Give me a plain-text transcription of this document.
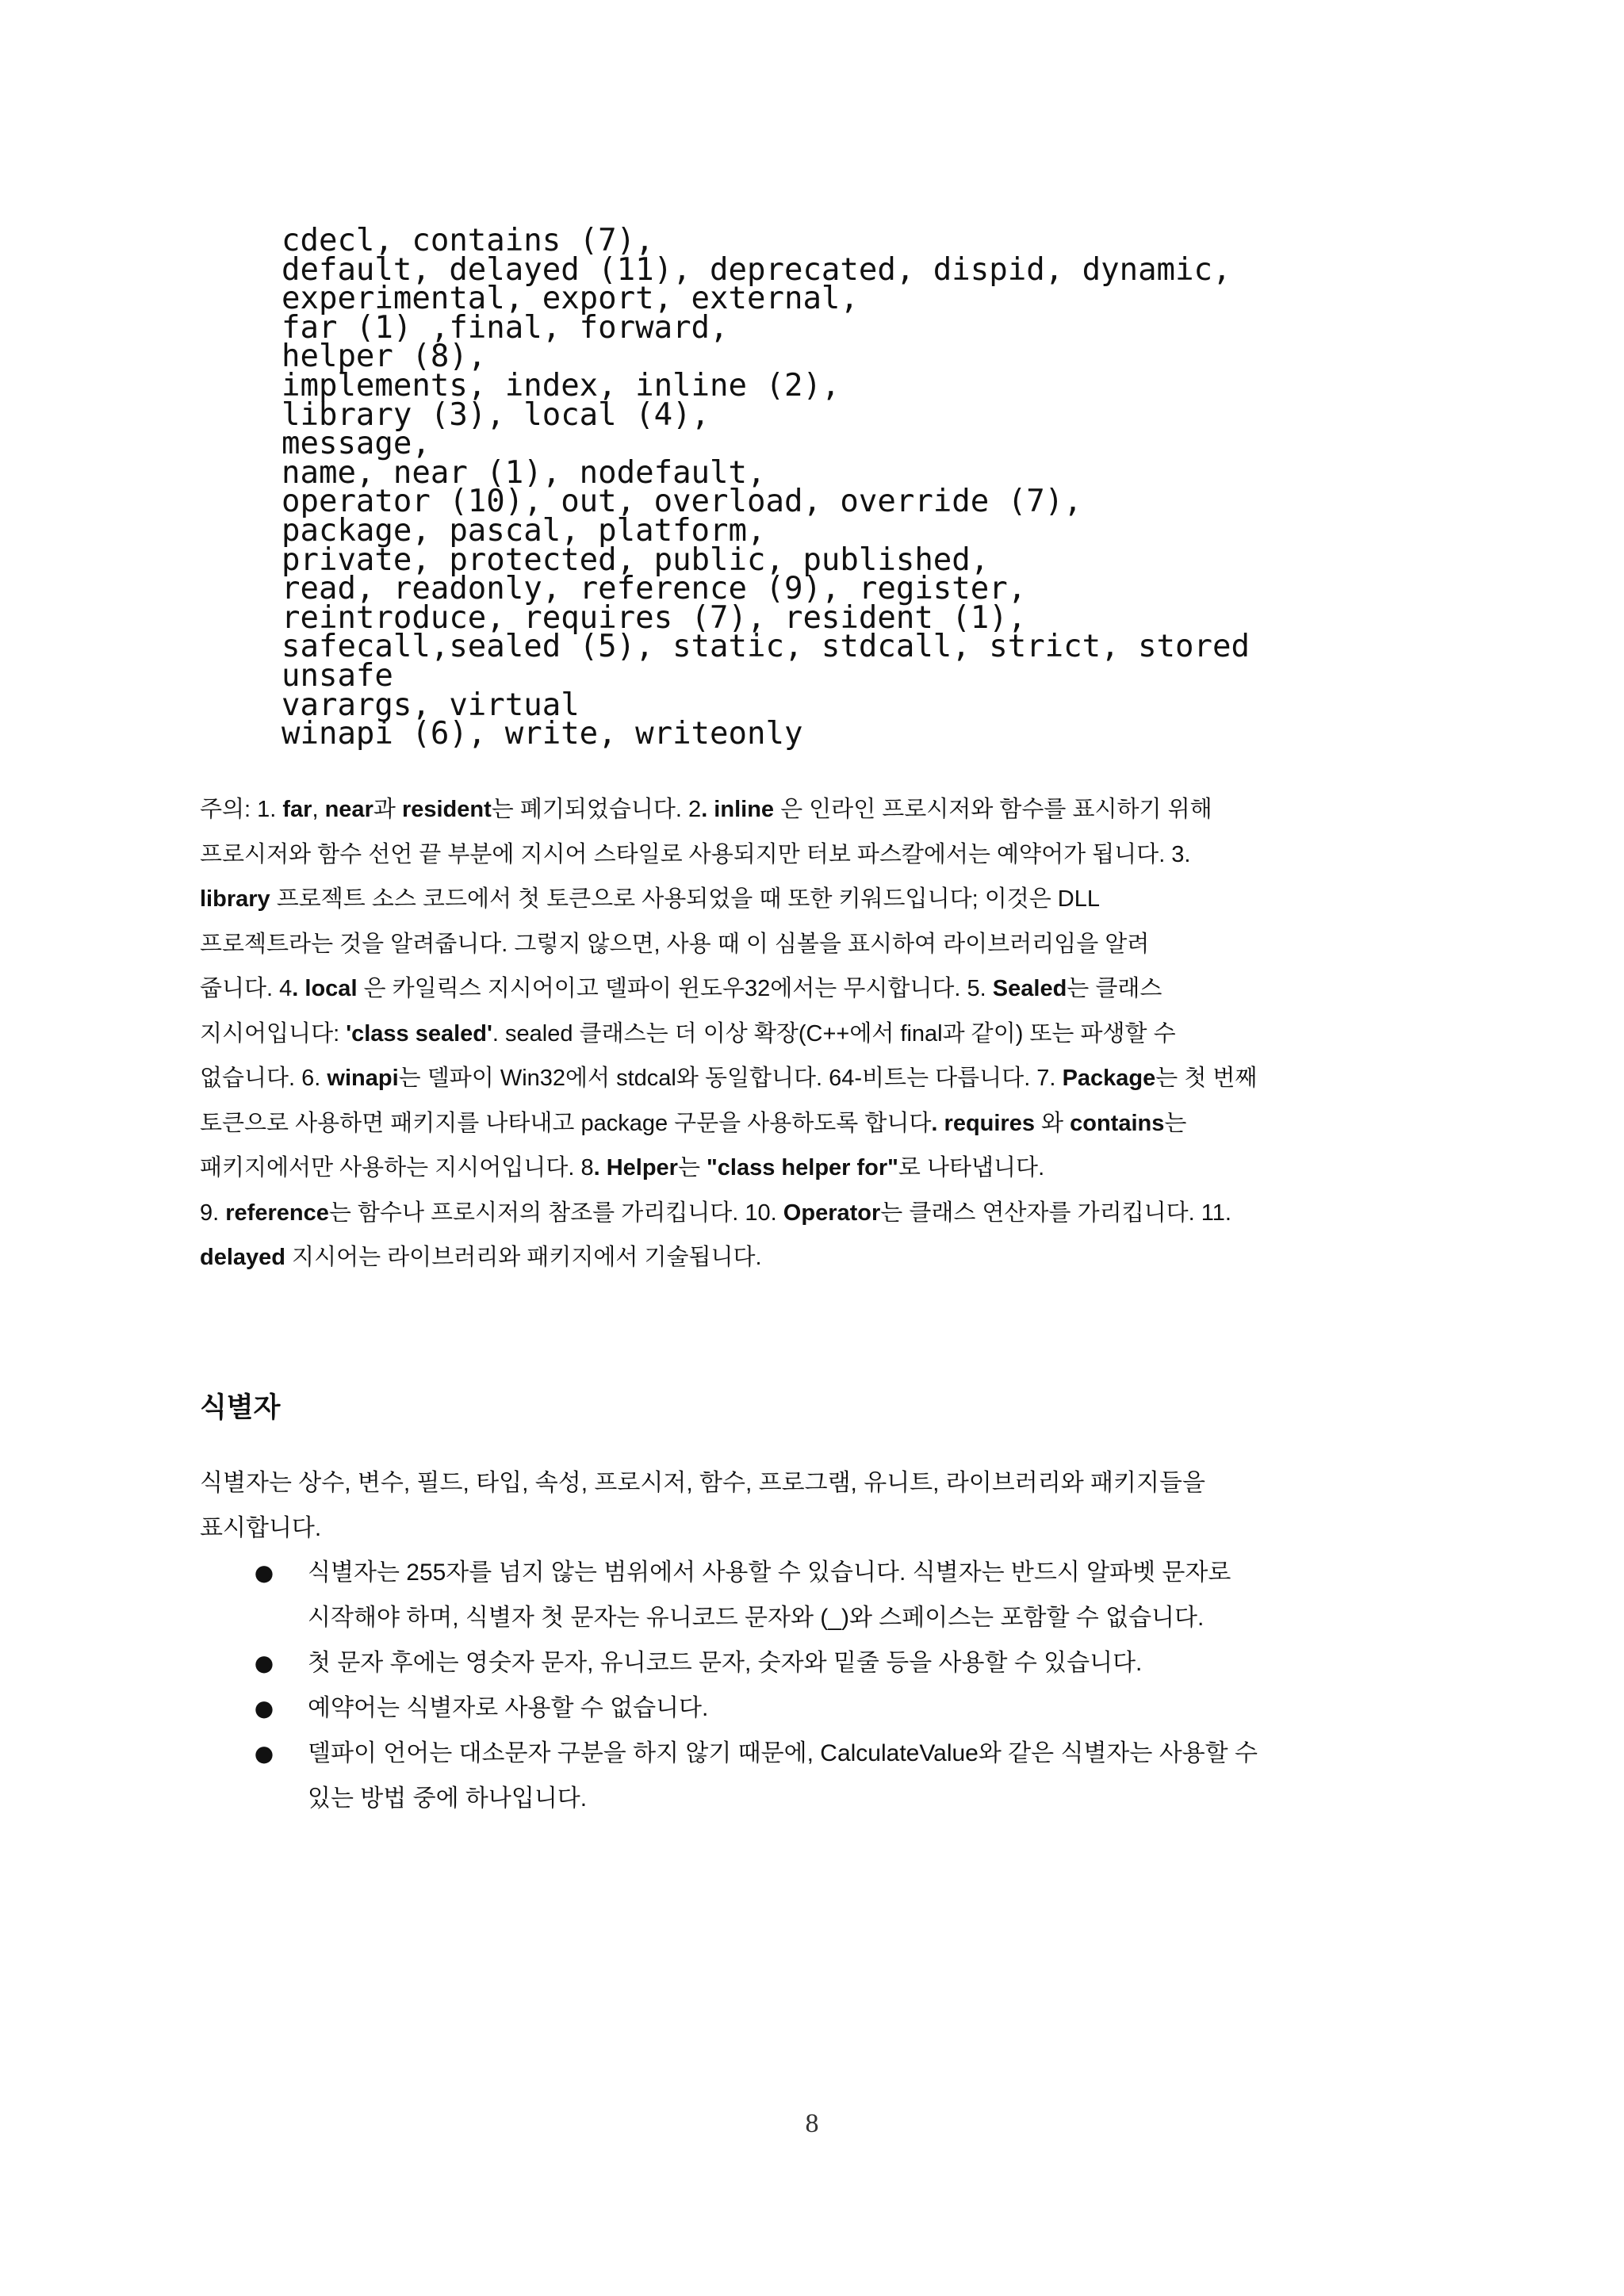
cdecl, contains (7),
default, delayed (11), deprecated, dispid, dynamic,
experimental, export, external,
far (1) ,final, forward,
helper (8),
implements, index, inline (2),
library (3), local (4),
message,
name, near (1), nodefault,
operator (10), out, overload, override (7),
package, pascal, platform,
private, protected, public, published,
read, readonly, reference (9), register,
reintroduce, requires (7), resident (1),
safecall,sealed (5), static, stdcall, strict, stored
unsafe
varargs, virtual
winapi (6), write, writeonly
주의: 1. far, near과 resident는 폐기되었습니다. 2. inline 은 인라인 프로시저와 함수를 표시하기 위해
프로시저와 함수 선언 끝 부분에 지시어 스타일로 사용되지만 터보 파스칼에서는 예약어가 됩니다. 3.
library 프로젝트 소스 코드에서 첫 토큰으로 사용되었을 때 또한 키워드입니다; 이것은 DLL
프로젝트라는 것을 알려줍니다. 그렇지 않으면, 사용 때 이 심볼을 표시하여 라이브러리임을 알려
줍니다. 4. local 은 카일릭스 지시어이고 델파이 윈도우32에서는 무시합니다. 5. Sealed는 클래스
지시어입니다: 'class sealed'. sealed 클래스는 더 이상 확장(C++에서 final과 같이) 또는 파생할 수
없습니다. 6. winapi는 델파이 Win32에서 stdcal와 동일합니다. 64-비트는 다릅니다. 7. Package는 첫 번째
토큰으로 사용하면 패키지를 나타내고 package 구문을 사용하도록 합니다. requires 와 contains는
패키지에서만 사용하는 지시어입니다. 8. Helper는 "class helper for"로 나타냅니다.
9. reference는 함수나 프로시저의 참조를 가리킵니다. 10. Operator는 클래스 연산자를 가리킵니다. 11.
delayed 지시어는 라이브러리와 패키지에서 기술됩니다.
식별자
식별자는 상수, 변수, 필드, 타입, 속성, 프로시저, 함수, 프로그램, 유니트, 라이브러리와 패키지들을
표시합니다.
● 식별자는 255자를 넘지 않는 범위에서 사용할 수 있습니다. 식별자는 반드시 알파벳 문자로
시작해야 하며, 식별자 첫 문자는 유니코드 문자와 (_)와 스페이스는 포함할 수 없습니다.
● 첫 문자 후에는 영숫자 문자, 유니코드 문자, 숫자와 밑줄 등을 사용할 수 있습니다.
● 예약어는 식별자로 사용할 수 없습니다.
● 델파이 언어는 대소문자 구분을 하지 않기 때문에, CalculateValue와 같은 식별자는 사용할 수
있는 방법 중에 하나입니다.
8
